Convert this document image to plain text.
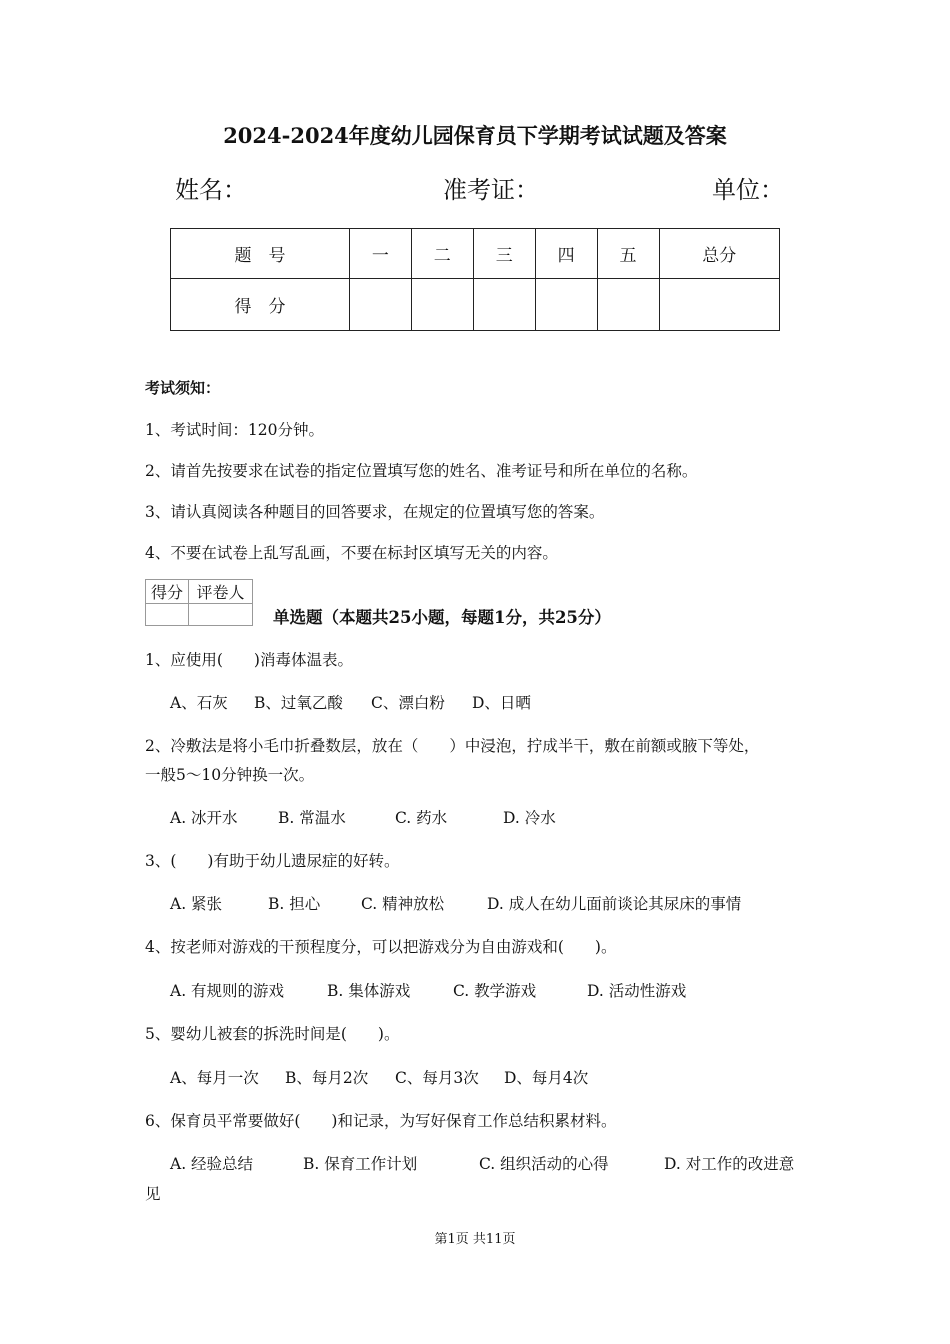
2024-2024年度幼儿园保育员下学期考试试题及答案
姓名：	准考证：	单位：
题　号	一	二	三	四	五	总分
得　分						
考试须知：
1、考试时间：120分钟。
2、请首先按要求在试卷的指定位置填写您的姓名、准考证号和所在单位的名称。
3、请认真阅读各种题目的回答要求，在规定的位置填写您的答案。
4、不要在试卷上乱写乱画，不要在标封区填写无关的内容。
得分	评卷人

单选题（本题共25小题，每题1分，共25分）
1、应使用(　　)消毒体温表。
A、石灰 B、过氧乙酸 C、漂白粉 D、日晒
2、冷敷法是将小毛巾折叠数层，放在（　　）中浸泡，拧成半干，敷在前额或腋下等处，
一般5～10分钟换一次。
A. 冰开水	B. 常温水	C. 药水	D. 冷水
3、(　　)有助于幼儿遗尿症的好转。
A. 紧张	B. 担心	C. 精神放松	D. 成人在幼儿面前谈论其尿床的事情
4、按老师对游戏的干预程度分，可以把游戏分为自由游戏和(　　)。
A. 有规则的游戏	B. 集体游戏	C. 教学游戏	D. 活动性游戏
5、婴幼儿被套的拆洗时间是(　　)。
A、每月一次 B、每月2次 C、每月3次 D、每月4次
6、保育员平常要做好(　　)和记录，为写好保育工作总结积累材料。
A. 经验总结	B. 保育工作计划	C. 组织活动的心得	D. 对工作的改进意
见
第1页 共11页
